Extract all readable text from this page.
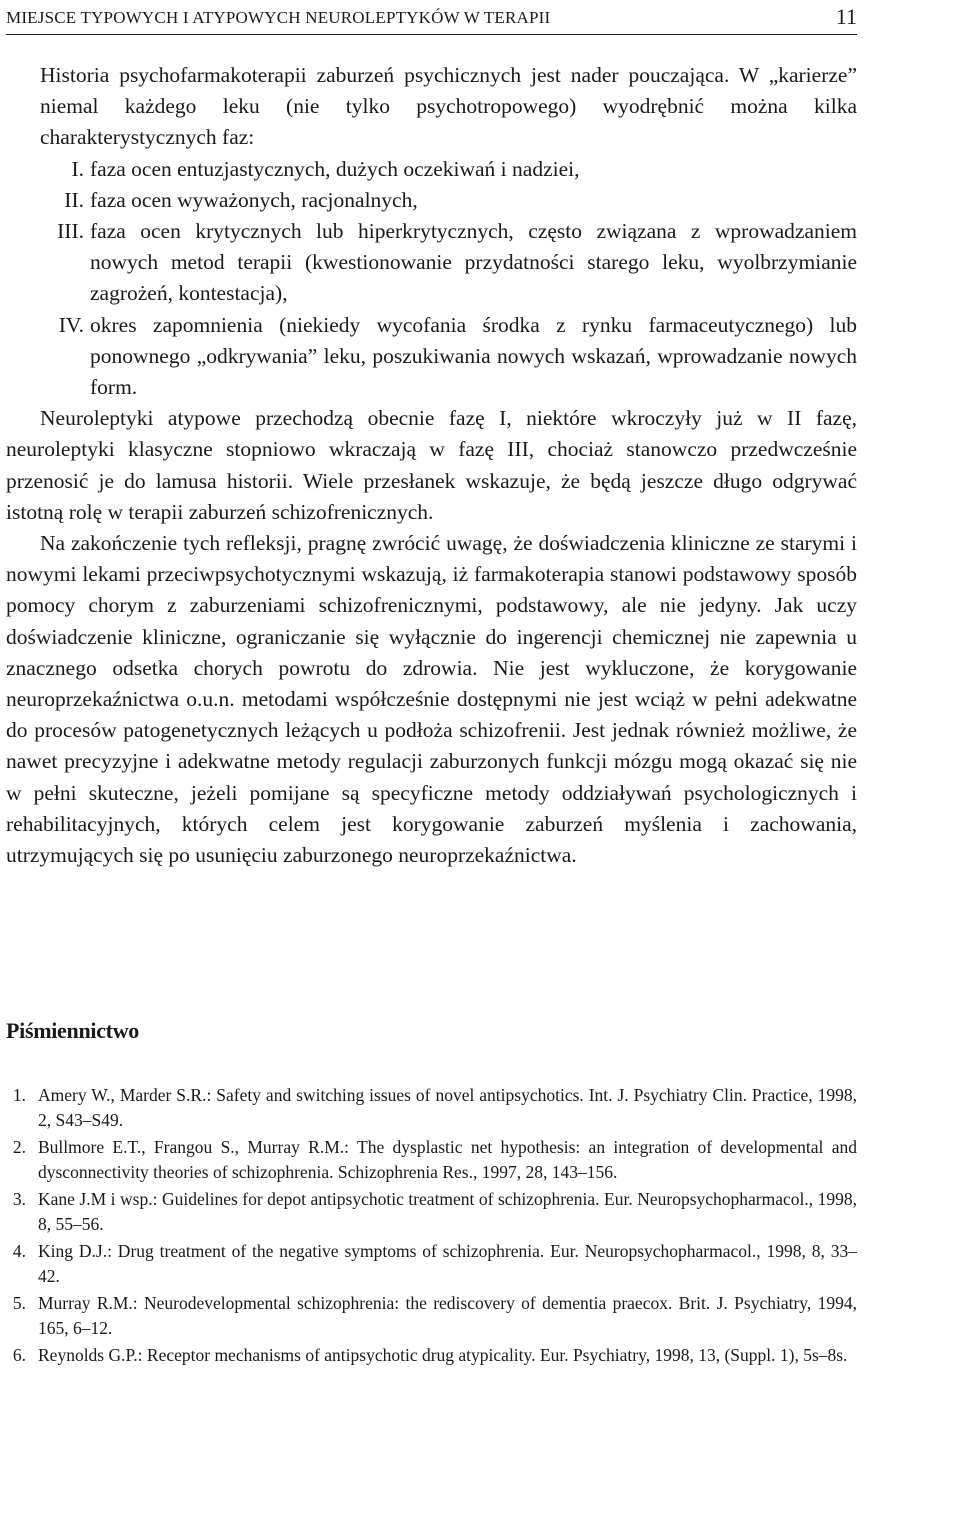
MIEJSCE TYPOWYCH I ATYPOWYCH NEUROLEPTYKÓW W TERAPII	11

Historia psychofarmakoterapii zaburzeń psychicznych jest nader pouczająca. W „karierze” niemal każdego leku (nie tylko psychotropowego) wyodrębnić można kilka charakterystycznych faz:

I. faza ocen entuzjastycznych, dużych oczekiwań i nadziei,
II. faza ocen wyważonych, racjonalnych,
III. faza ocen krytycznych lub hiperkrytycznych, często związana z wprowadzaniem nowych metod terapii (kwestionowanie przydatności starego leku, wyolbrzymianie zagrożeń, kontestacja),
IV. okres zapomnienia (niekiedy wycofania środka z rynku farmaceutycznego) lub ponownego „odkrywania” leku, poszukiwania nowych wskazań, wprowadzanie nowych form.

Neuroleptyki atypowe przechodzą obecnie fazę I, niektóre wkroczyły już w II fazę, neuroleptyki klasyczne stopniowo wkraczają w fazę III, chociaż stanowczo przedwcześnie przenosić je do lamusa historii. Wiele przesłanek wskazuje, że będą jeszcze długo odgrywać istotną rolę w terapii zaburzeń schizofrenicznych.

Na zakończenie tych refleksji, pragnę zwrócić uwagę, że doświadczenia kliniczne ze starymi i nowymi lekami przeciwpsychotycznymi wskazują, iż farmakoterapia stanowi podstawowy sposób pomocy chorym z zaburzeniami schizofrenicznymi, podstawowy, ale nie jedyny. Jak uczy doświadczenie kliniczne, ograniczanie się wyłącznie do ingerencji chemicznej nie zapewnia u znacznego odsetka chorych powrotu do zdrowia. Nie jest wykluczone, że korygowanie neuroprzekaźnictwa o.u.n. metodami współcześnie dostępnymi nie jest wciąż w pełni adekwatne do procesów patogenetycznych leżących u podłoża schizofrenii. Jest jednak również możliwe, że nawet precyzyjne i adekwatne metody regulacji zaburzonych funkcji mózgu mogą okazać się nie w pełni skuteczne, jeżeli pomijane są specyficzne metody oddziaływań psychologicznych i rehabilitacyjnych, których celem jest korygowanie zaburzeń myślenia i zachowania, utrzymujących się po usunięciu zaburzonego neuroprzekaźnictwa.

Piśmiennictwo
1. Amery W., Marder S.R.: Safety and switching issues of novel antipsychotics. Int. J. Psychiatry Clin. Practice, 1998, 2, S43–S49.
2. Bullmore E.T., Frangou S., Murray R.M.: The dysplastic net hypothesis: an integration of developmental and dysconnectivity theories of schizophrenia. Schizophrenia Res., 1997, 28, 143–156.
3. Kane J.M i wsp.: Guidelines for depot antipsychotic treatment of schizophrenia. Eur. Neuropsychopharmacol., 1998, 8, 55–56.
4. King D.J.: Drug treatment of the negative symptoms of schizophrenia. Eur. Neuropsychopharmacol., 1998, 8, 33–42.
5. Murray R.M.: Neurodevelopmental schizophrenia: the rediscovery of dementia praecox. Brit. J. Psychiatry, 1994, 165, 6–12.
6. Reynolds G.P.: Receptor mechanisms of antipsychotic drug atypicality. Eur. Psychiatry, 1998, 13, (Suppl. 1), 5s–8s.
